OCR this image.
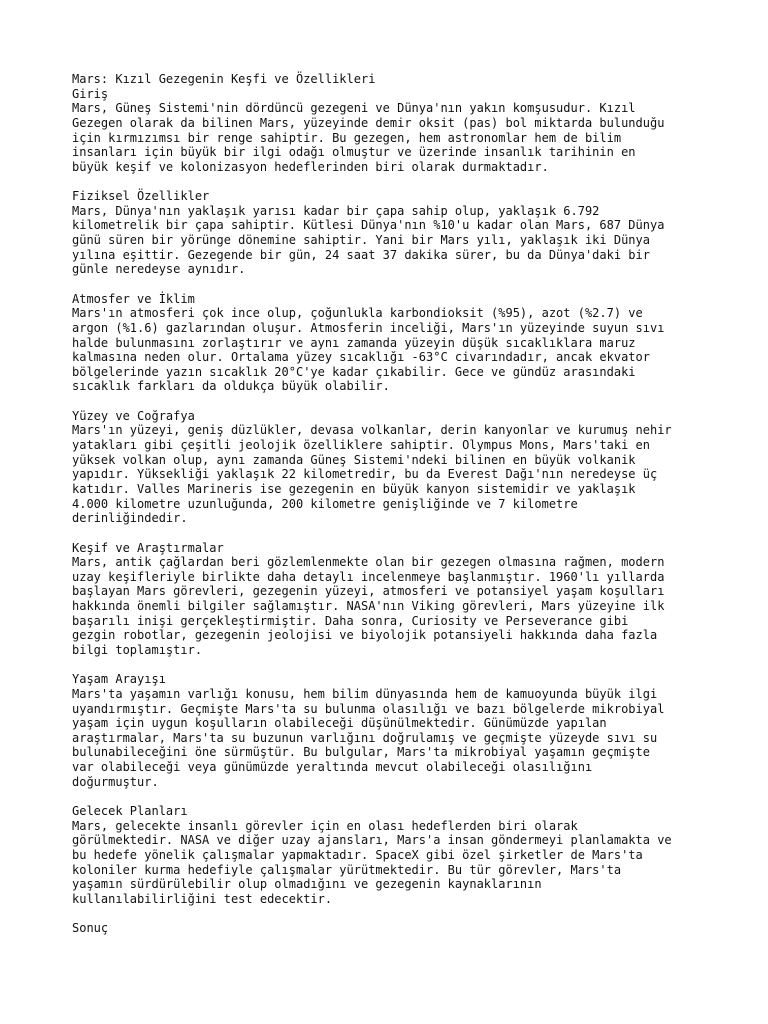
Mars: Kızıl Gezegenin Keşfi ve Özellikleri
Giriş
Mars, Güneş Sistemi'nin dördüncü gezegeni ve Dünya'nın yakın komşusudur. Kızıl
Gezegen olarak da bilinen Mars, yüzeyinde demir oksit (pas) bol miktarda bulunduğu
için kırmızımsı bir renge sahiptir. Bu gezegen, hem astronomlar hem de bilim
insanları için büyük bir ilgi odağı olmuştur ve üzerinde insanlık tarihinin en
büyük keşif ve kolonizasyon hedeflerinden biri olarak durmaktadır.
Fiziksel Özellikler
Mars, Dünya'nın yaklaşık yarısı kadar bir çapa sahip olup, yaklaşık 6.792
kilometrelik bir çapa sahiptir. Kütlesi Dünya'nın %10'u kadar olan Mars, 687 Dünya
günü süren bir yörünge dönemine sahiptir. Yani bir Mars yılı, yaklaşık iki Dünya
yılına eşittir. Gezegende bir gün, 24 saat 37 dakika sürer, bu da Dünya'daki bir
günle neredeyse aynıdır.
Atmosfer ve İklim
Mars'ın atmosferi çok ince olup, çoğunlukla karbondioksit (%95), azot (%2.7) ve
argon (%1.6) gazlarından oluşur. Atmosferin inceliği, Mars'ın yüzeyinde suyun sıvı
halde bulunmasını zorlaştırır ve aynı zamanda yüzeyin düşük sıcaklıklara maruz
kalmasına neden olur. Ortalama yüzey sıcaklığı -63°C civarındadır, ancak ekvator
bölgelerinde yazın sıcaklık 20°C'ye kadar çıkabilir. Gece ve gündüz arasındaki
sıcaklık farkları da oldukça büyük olabilir.
Yüzey ve Coğrafya
Mars'ın yüzeyi, geniş düzlükler, devasa volkanlar, derin kanyonlar ve kurumuş nehir
yatakları gibi çeşitli jeolojik özelliklere sahiptir. Olympus Mons, Mars'taki en
yüksek volkan olup, aynı zamanda Güneş Sistemi'ndeki bilinen en büyük volkanik
yapıdır. Yüksekliği yaklaşık 22 kilometredir, bu da Everest Dağı'nın neredeyse üç
katıdır. Valles Marineris ise gezegenin en büyük kanyon sistemidir ve yaklaşık
4.000 kilometre uzunluğunda, 200 kilometre genişliğinde ve 7 kilometre
derinliğindedir.
Keşif ve Araştırmalar
Mars, antik çağlardan beri gözlemlenmekte olan bir gezegen olmasına rağmen, modern
uzay keşifleriyle birlikte daha detaylı incelenmeye başlanmıştır. 1960'lı yıllarda
başlayan Mars görevleri, gezegenin yüzeyi, atmosferi ve potansiyel yaşam koşulları
hakkında önemli bilgiler sağlamıştır. NASA'nın Viking görevleri, Mars yüzeyine ilk
başarılı inişi gerçekleştirmiştir. Daha sonra, Curiosity ve Perseverance gibi
gezgin robotlar, gezegenin jeolojisi ve biyolojik potansiyeli hakkında daha fazla
bilgi toplamıştır.
Yaşam Arayışı
Mars'ta yaşamın varlığı konusu, hem bilim dünyasında hem de kamuoyunda büyük ilgi
uyandırmıştır. Geçmişte Mars'ta su bulunma olasılığı ve bazı bölgelerde mikrobiyal
yaşam için uygun koşulların olabileceği düşünülmektedir. Günümüzde yapılan
araştırmalar, Mars'ta su buzunun varlığını doğrulamış ve geçmişte yüzeyde sıvı su
bulunabileceğini öne sürmüştür. Bu bulgular, Mars'ta mikrobiyal yaşamın geçmişte
var olabileceği veya günümüzde yeraltında mevcut olabileceği olasılığını
doğurmuştur.
Gelecek Planları
Mars, gelecekte insanlı görevler için en olası hedeflerden biri olarak
görülmektedir. NASA ve diğer uzay ajansları, Mars'a insan göndermeyi planlamakta ve
bu hedefe yönelik çalışmalar yapmaktadır. SpaceX gibi özel şirketler de Mars'ta
koloniler kurma hedefiyle çalışmalar yürütmektedir. Bu tür görevler, Mars'ta
yaşamın sürdürülebilir olup olmadığını ve gezegenin kaynaklarının
kullanılabilirliğini test edecektir.
Sonuç
